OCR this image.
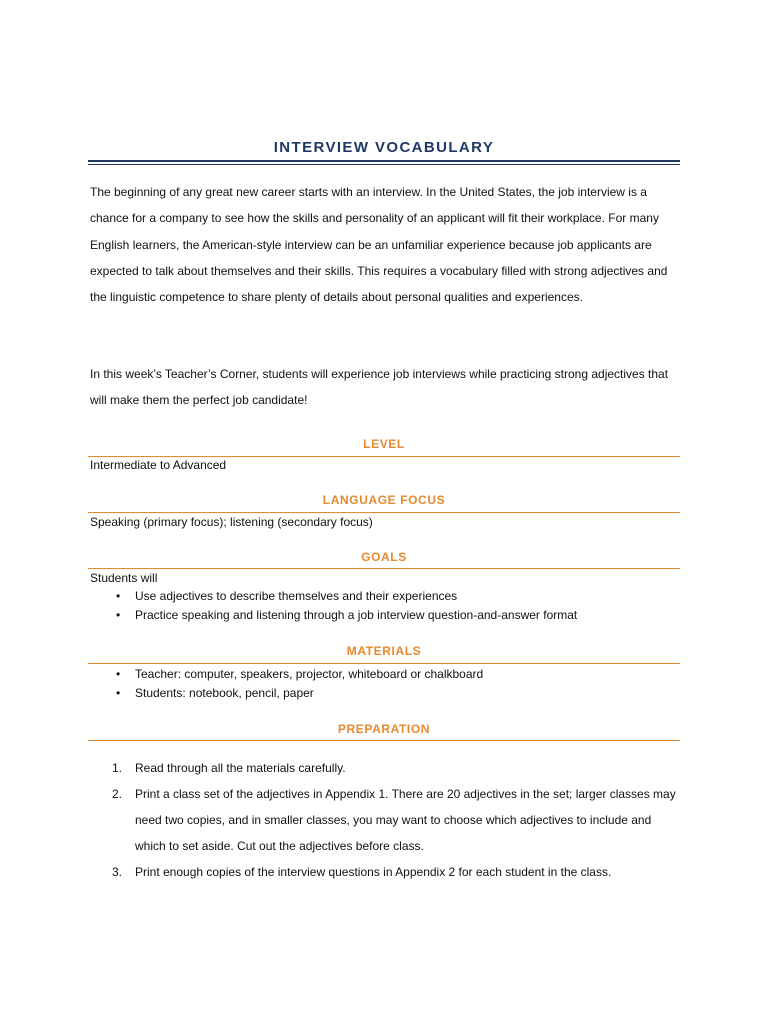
INTERVIEW VOCABULARY

The beginning of any great new career starts with an interview. In the United States, the job interview is a chance for a company to see how the skills and personality of an applicant will fit their workplace. For many English learners, the American-style interview can be an unfamiliar experience because job applicants are expected to talk about themselves and their skills. This requires a vocabulary filled with strong adjectives and the linguistic competence to share plenty of details about personal qualities and experiences.

In this week’s Teacher’s Corner, students will experience job interviews while practicing strong adjectives that will make them the perfect job candidate!

LEVEL

Intermediate to Advanced

LANGUAGE FOCUS

Speaking (primary focus); listening (secondary focus)

GOALS

Students will

• Use adjectives to describe themselves and their experiences
• Practice speaking and listening through a job interview question-and-answer format
MATERIALS
• Teacher: computer, speakers, projector, whiteboard or chalkboard
• Students: notebook, pencil, paper
PREPARATION
1. Read through all the materials carefully.
2. Print a class set of the adjectives in Appendix 1. There are 20 adjectives in the set; larger classes may need two copies, and in smaller classes, you may want to choose which adjectives to include and which to set aside. Cut out the adjectives before class.
3. Print enough copies of the interview questions in Appendix 2 for each student in the class.
